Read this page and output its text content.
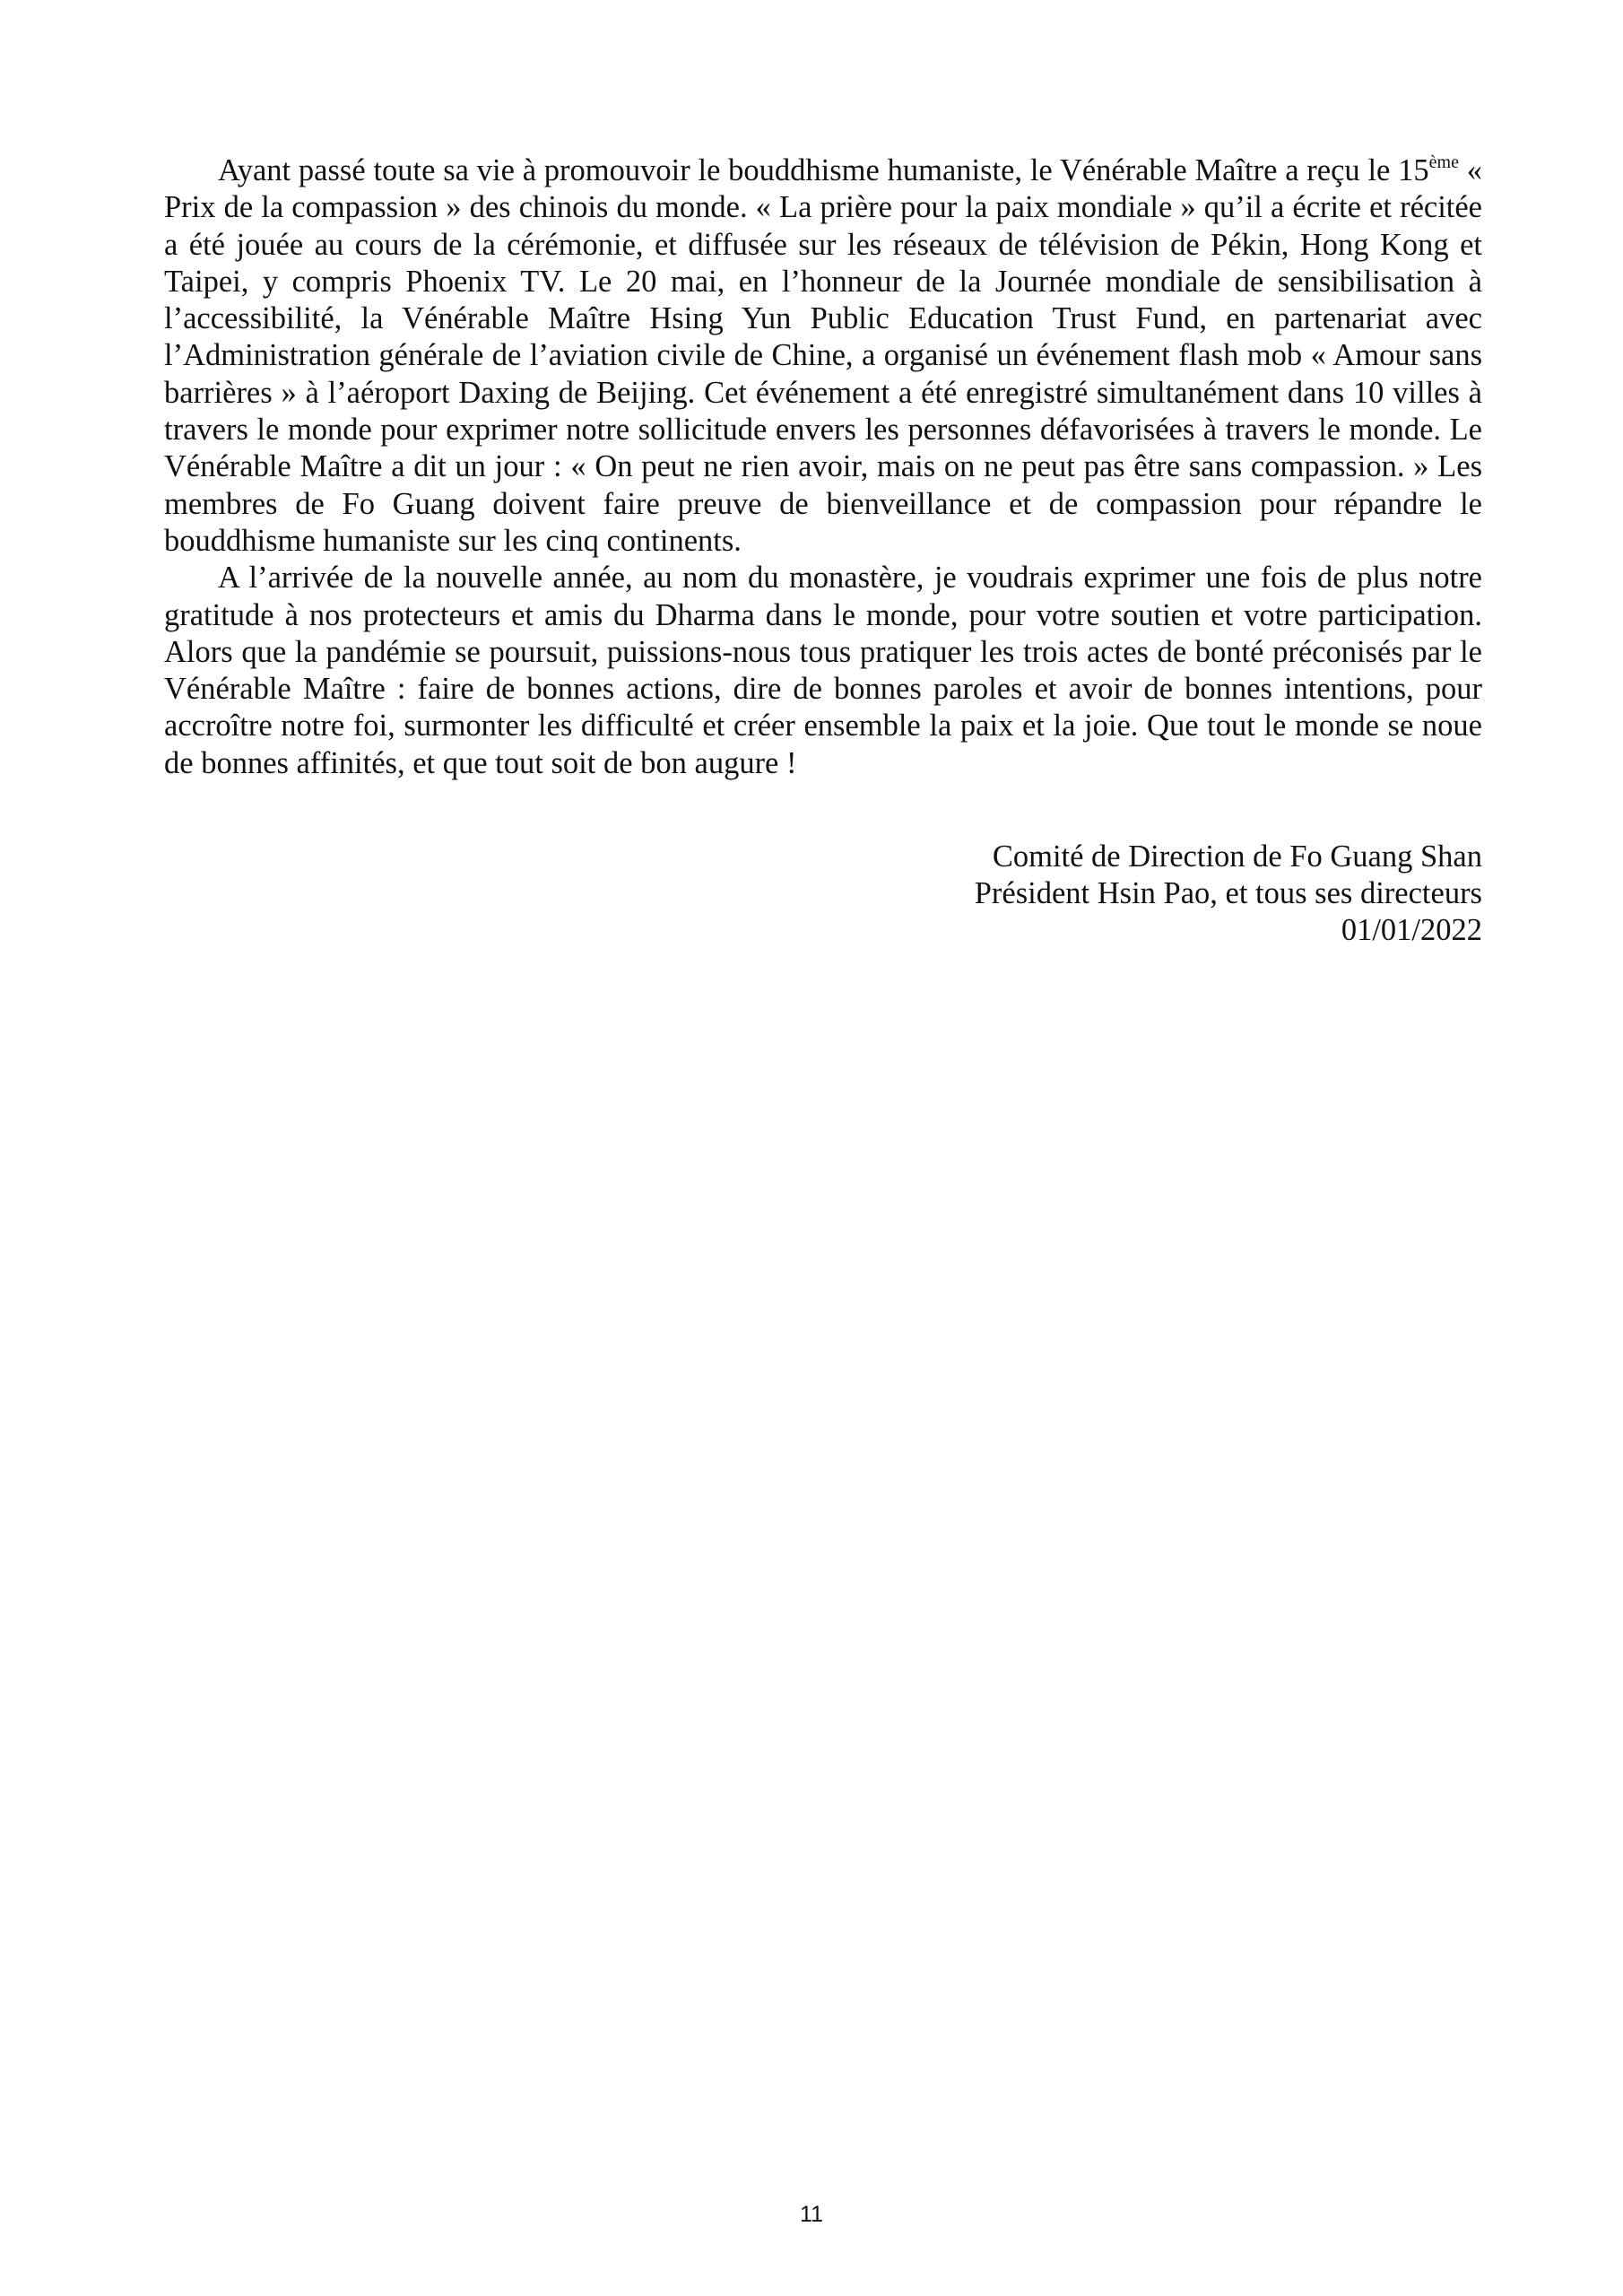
Ayant passé toute sa vie à promouvoir le bouddhisme humaniste, le Vénérable Maître a reçu le 15ème « Prix de la compassion » des chinois du monde. « La prière pour la paix mondiale » qu’il a écrite et récitée a été jouée au cours de la cérémonie, et diffusée sur les réseaux de télévision de Pékin, Hong Kong et Taipei, y compris Phoenix TV. Le 20 mai, en l’honneur de la Journée mondiale de sensibilisation à l’accessibilité, la Vénérable Maître Hsing Yun Public Education Trust Fund, en partenariat avec l’Administration générale de l’aviation civile de Chine, a organisé un événement flash mob « Amour sans barrières » à l’aéroport Daxing de Beijing. Cet événement a été enregistré simultanément dans 10 villes à travers le monde pour exprimer notre sollicitude envers les personnes défavorisées à travers le monde. Le Vénérable Maître a dit un jour : « On peut ne rien avoir, mais on ne peut pas être sans compassion. » Les membres de Fo Guang doivent faire preuve de bienveillance et de compassion pour répandre le bouddhisme humaniste sur les cinq continents.

A l’arrivée de la nouvelle année, au nom du monastère, je voudrais exprimer une fois de plus notre gratitude à nos protecteurs et amis du Dharma dans le monde, pour votre soutien et votre participation. Alors que la pandémie se poursuit, puissions-nous tous pratiquer les trois actes de bonté préconisés par le Vénérable Maître : faire de bonnes actions, dire de bonnes paroles et avoir de bonnes intentions, pour accroître notre foi, surmonter les difficulté et créer ensemble la paix et la joie. Que tout le monde se noue de bonnes affinités, et que tout soit de bon augure !

Comité de Direction de Fo Guang Shan
Président Hsin Pao, et tous ses directeurs
01/01/2022
11
